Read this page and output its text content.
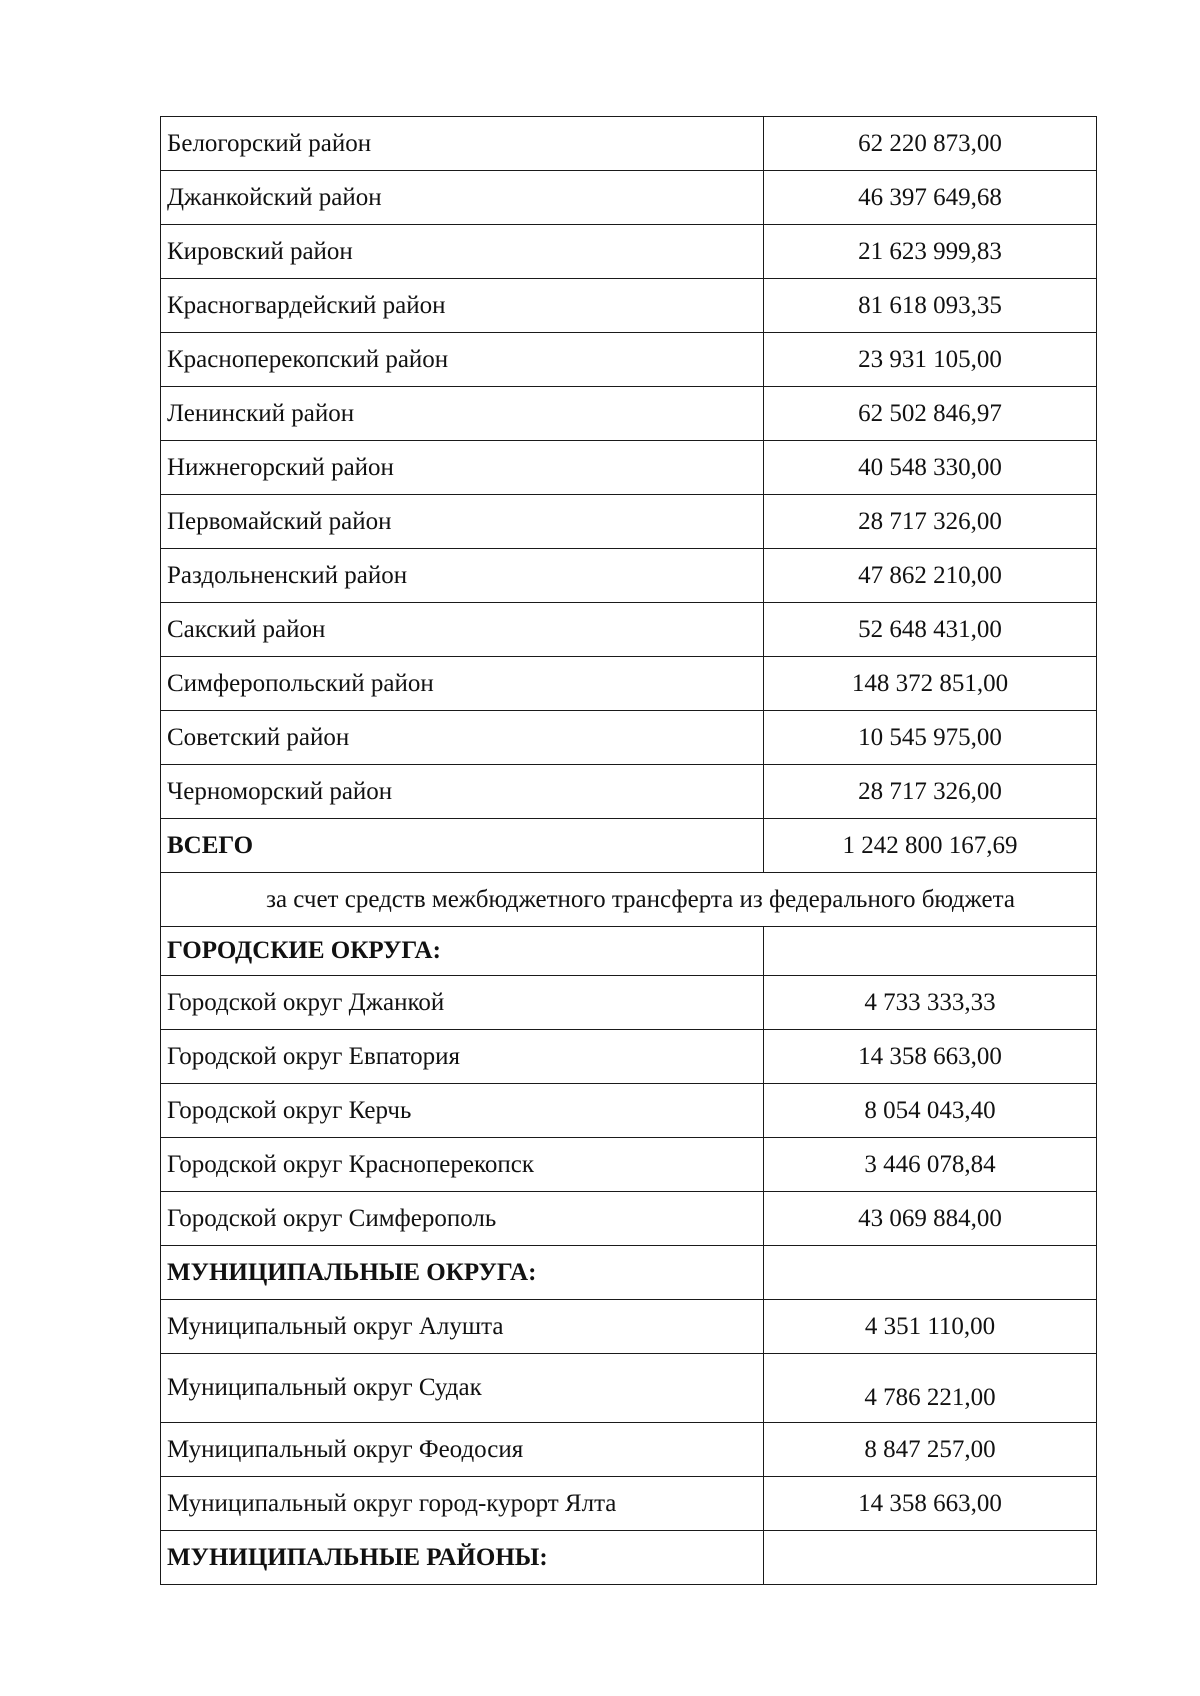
Белогорский район	62 220 873,00
Джанкойский район	46 397 649,68
Кировский район	21 623 999,83
Красногвардейский район	81 618 093,35
Красноперекопский район	23 931 105,00
Ленинский район	62 502 846,97
Нижнегорский район	40 548 330,00
Первомайский район	28 717 326,00
Раздольненский район	47 862 210,00
Сакский район	52 648 431,00
Симферопольский район	148 372 851,00
Советский район	10 545 975,00
Черноморский район	28 717 326,00
ВСЕГО	1 242 800 167,69
за счет средств межбюджетного трансферта из федерального бюджета	
ГОРОДСКИЕ ОКРУГА:	
Городской округ Джанкой	4 733 333,33
Городской округ Евпатория	14 358 663,00
Городской округ Керчь	8 054 043,40
Городской округ Красноперекопск	3 446 078,84
Городской округ Симферополь	43 069 884,00
МУНИЦИПАЛЬНЫЕ ОКРУГА:	
Муниципальный округ Алушта	4 351 110,00
Муниципальный округ Судак	4 786 221,00
Муниципальный округ Феодосия	8 847 257,00
Муниципальный округ город-курорт Ялта	14 358 663,00
МУНИЦИПАЛЬНЫЕ РАЙОНЫ:	
